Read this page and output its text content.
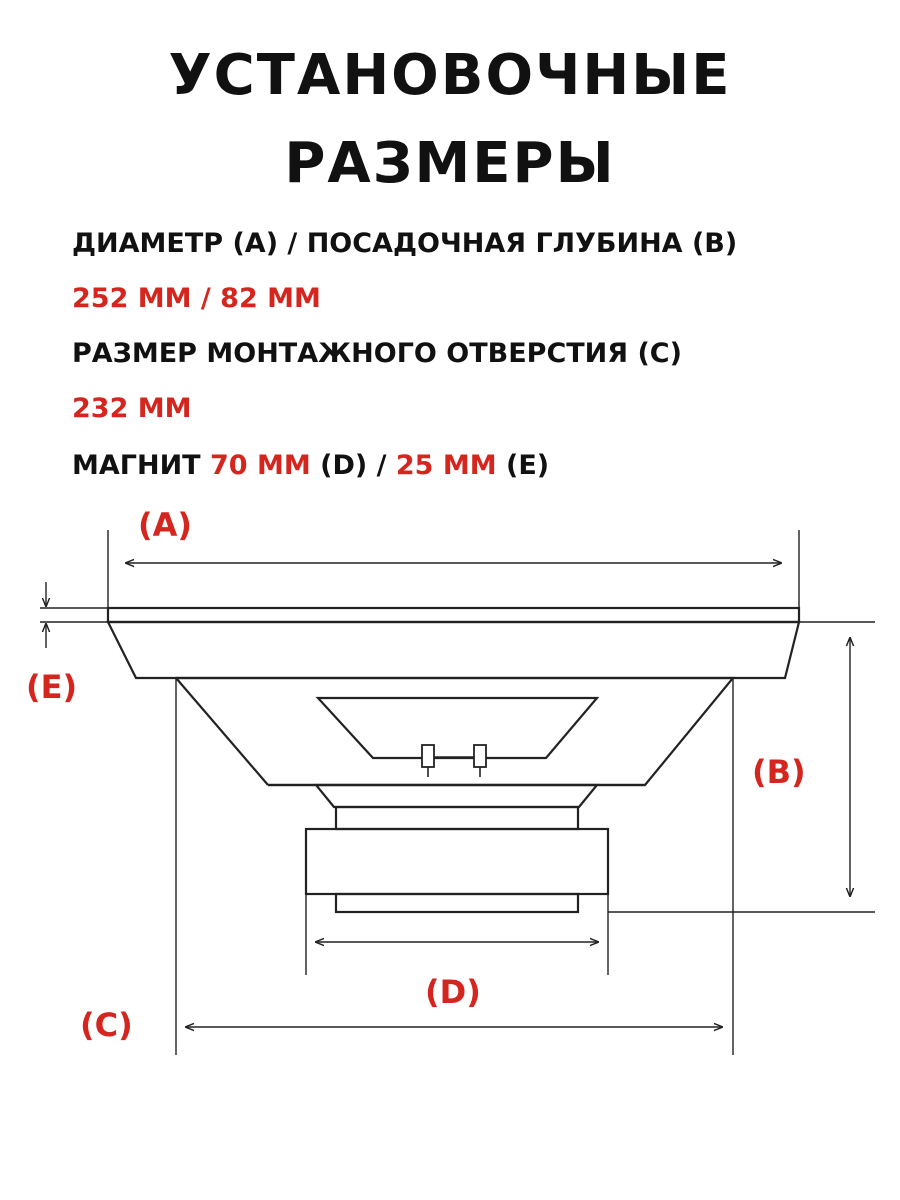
УСТАНОВОЧНЫЕ
РАЗМЕРЫ
ДИАМЕТР (А) / ПОСАДОЧНАЯ ГЛУБИНА (В)
252 ММ / 82 ММ
РАЗМЕР МОНТАЖНОГО ОТВЕРСТИЯ (С)
232 ММ
МАГНИТ 70 ММ (D) / 25 ММ (E)
(A)
(E)
(B)
(D)
(C)
